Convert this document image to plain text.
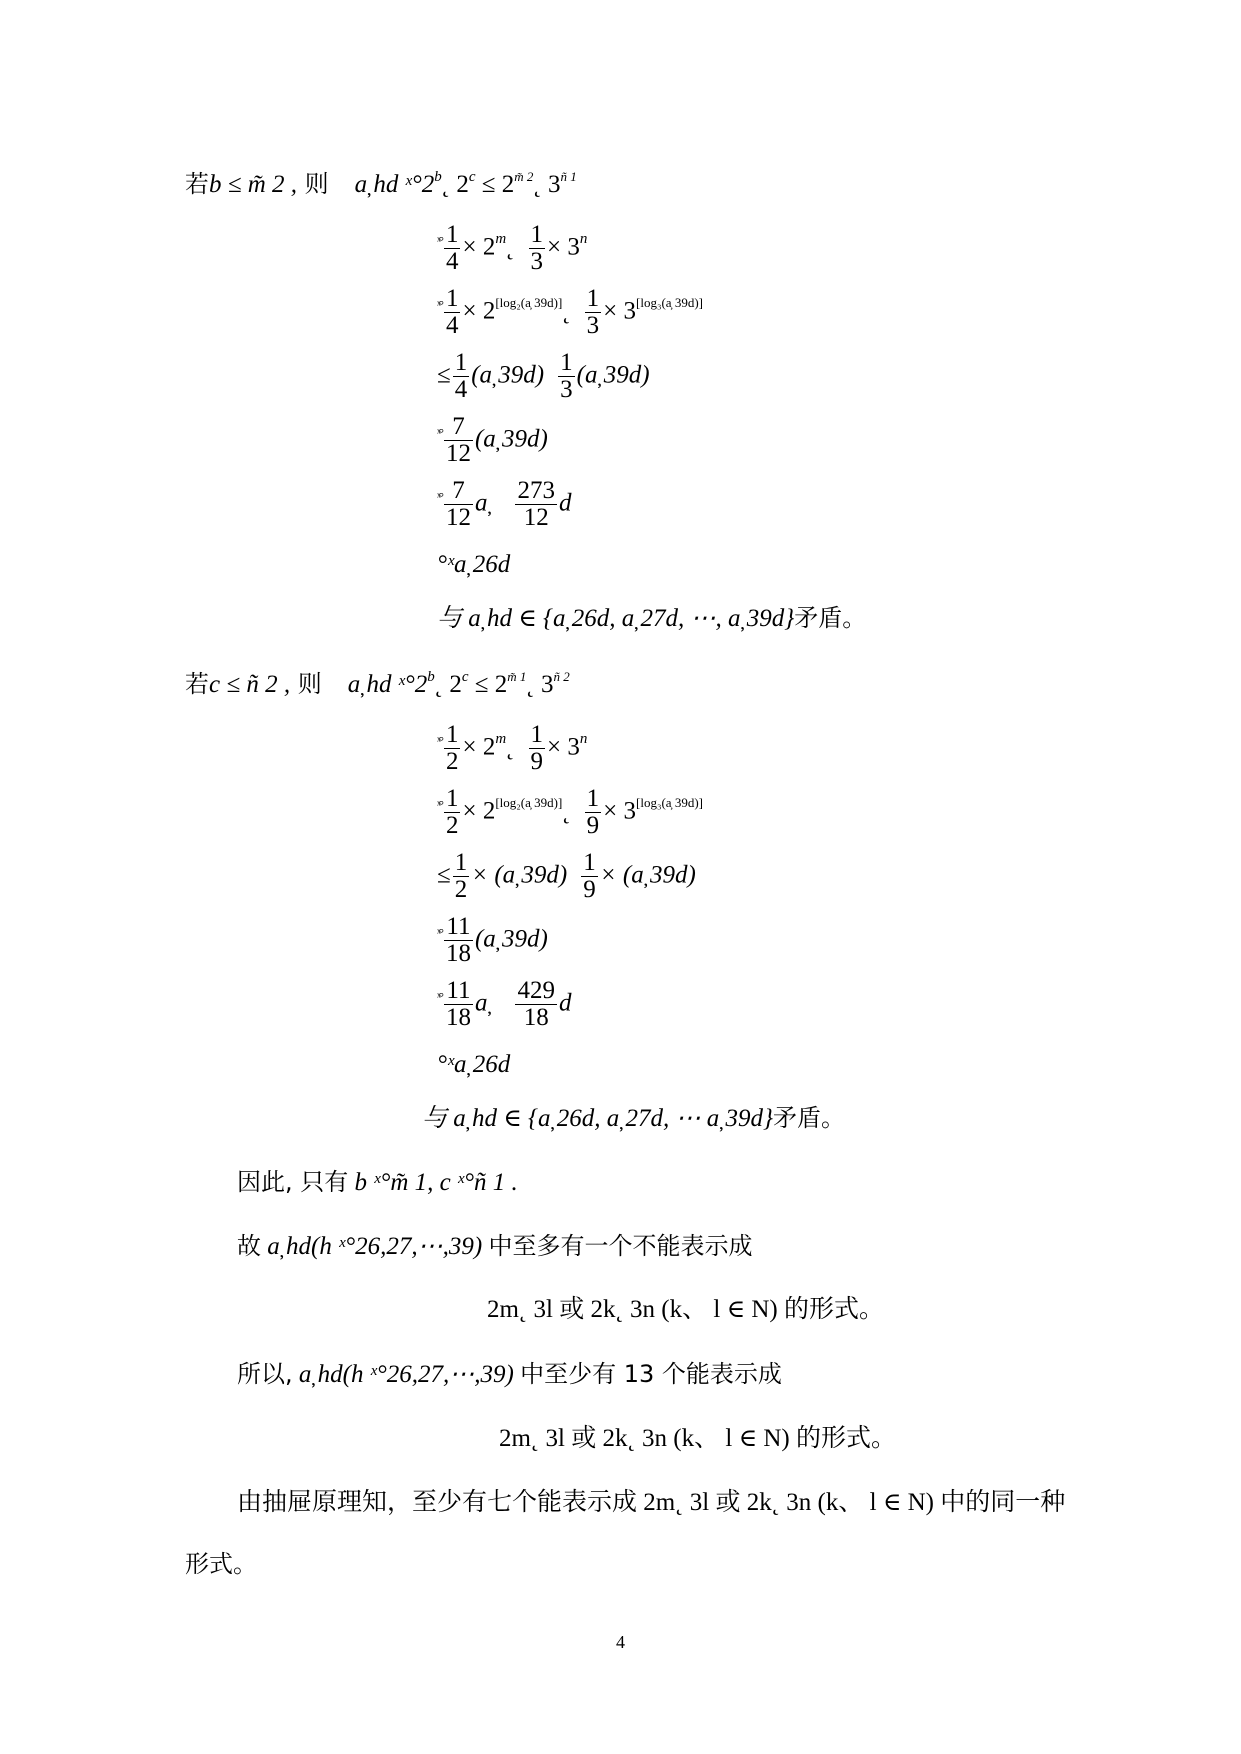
若b ≤ m̃ 2 , 则 a̦ hd ˣ°2$^b$˛ $2^c$ ≤ $2^{m̃ 2}˛$ $3^{ñ 1}$
$^{ˣ^\circ} \frac{1}{4}$ × $2^m˛ \frac{1}{3} \times 3^n$
$^{ˣ^\circ} \frac{1}{4}$ × 2[log₂(a̦ 39d)]˛ $\frac{1}{3} \times 3[\log_3(a̦ 39d)]$
≤ $\frac{1}{4}$ (a̦ $39d) \frac{1}{3}$ (a̦ 39d)
$^{ˣ^\circ} \frac{7}{12}$ (a̦ 39d)
$^{ˣ^\circ} \frac{7}{12}$ a̦ $\frac{273}{12}$ d
°ˣa̦ 26d
与 a̦ hd ∈ {a̦ 26d, a̦ 27d, ⋯, a̦ 39d}矛盾。
若c ≤ ñ 2 , 则 a̦ hd ˣ°2$^b$˛ $2^c$ ≤ $2^{m̃ 1}˛$ $3^{ñ 2}$
$^{ˣ^\circ} \frac{1}{2}$ × $2^m˛ \frac{1}{9} \times 3^n$
$^{ˣ^\circ} \frac{1}{2}$ × 2[log₂(a̦ 39d)]˛ $\frac{1}{9} \times 3[\log_3(a̦ 39d)]$
≤ $\frac{1}{2}$ × (a̦ $39d) \frac{1}{9}$ × (a̦ 39d)
$^{ˣ^\circ} \frac{11}{18}$ (a̦ 39d)
$^{ˣ^\circ} \frac{11}{18}$ a̦ $\frac{429}{18}$ d
°ˣa̦ 26d
与 a̦ hd ∈ {a̦ 26d, a̦ 27d, ⋯ a̦ 39d}矛盾。
因此, 只有 b ˣ°m̃ 1, c ˣ°ñ 1 .
故 a̦ hd(h ˣ°26,27,⋯,39) 中至多有一个不能表示成
2m˛ 3l 或 2k˛ 3n (k、 l ∈ N) 的形式。
所以, a̦ hd(h ˣ°26,27,⋯,39) 中至少有 13 个能表示成
2m˛ 3l 或 2k˛ 3n (k、 l ∈ N) 的形式。
由抽屉原理知，至少有七个能表示成 2m˛ 3l 或 2k˛ 3n (k、 l ∈ N) 中的同一种
形式。
4
